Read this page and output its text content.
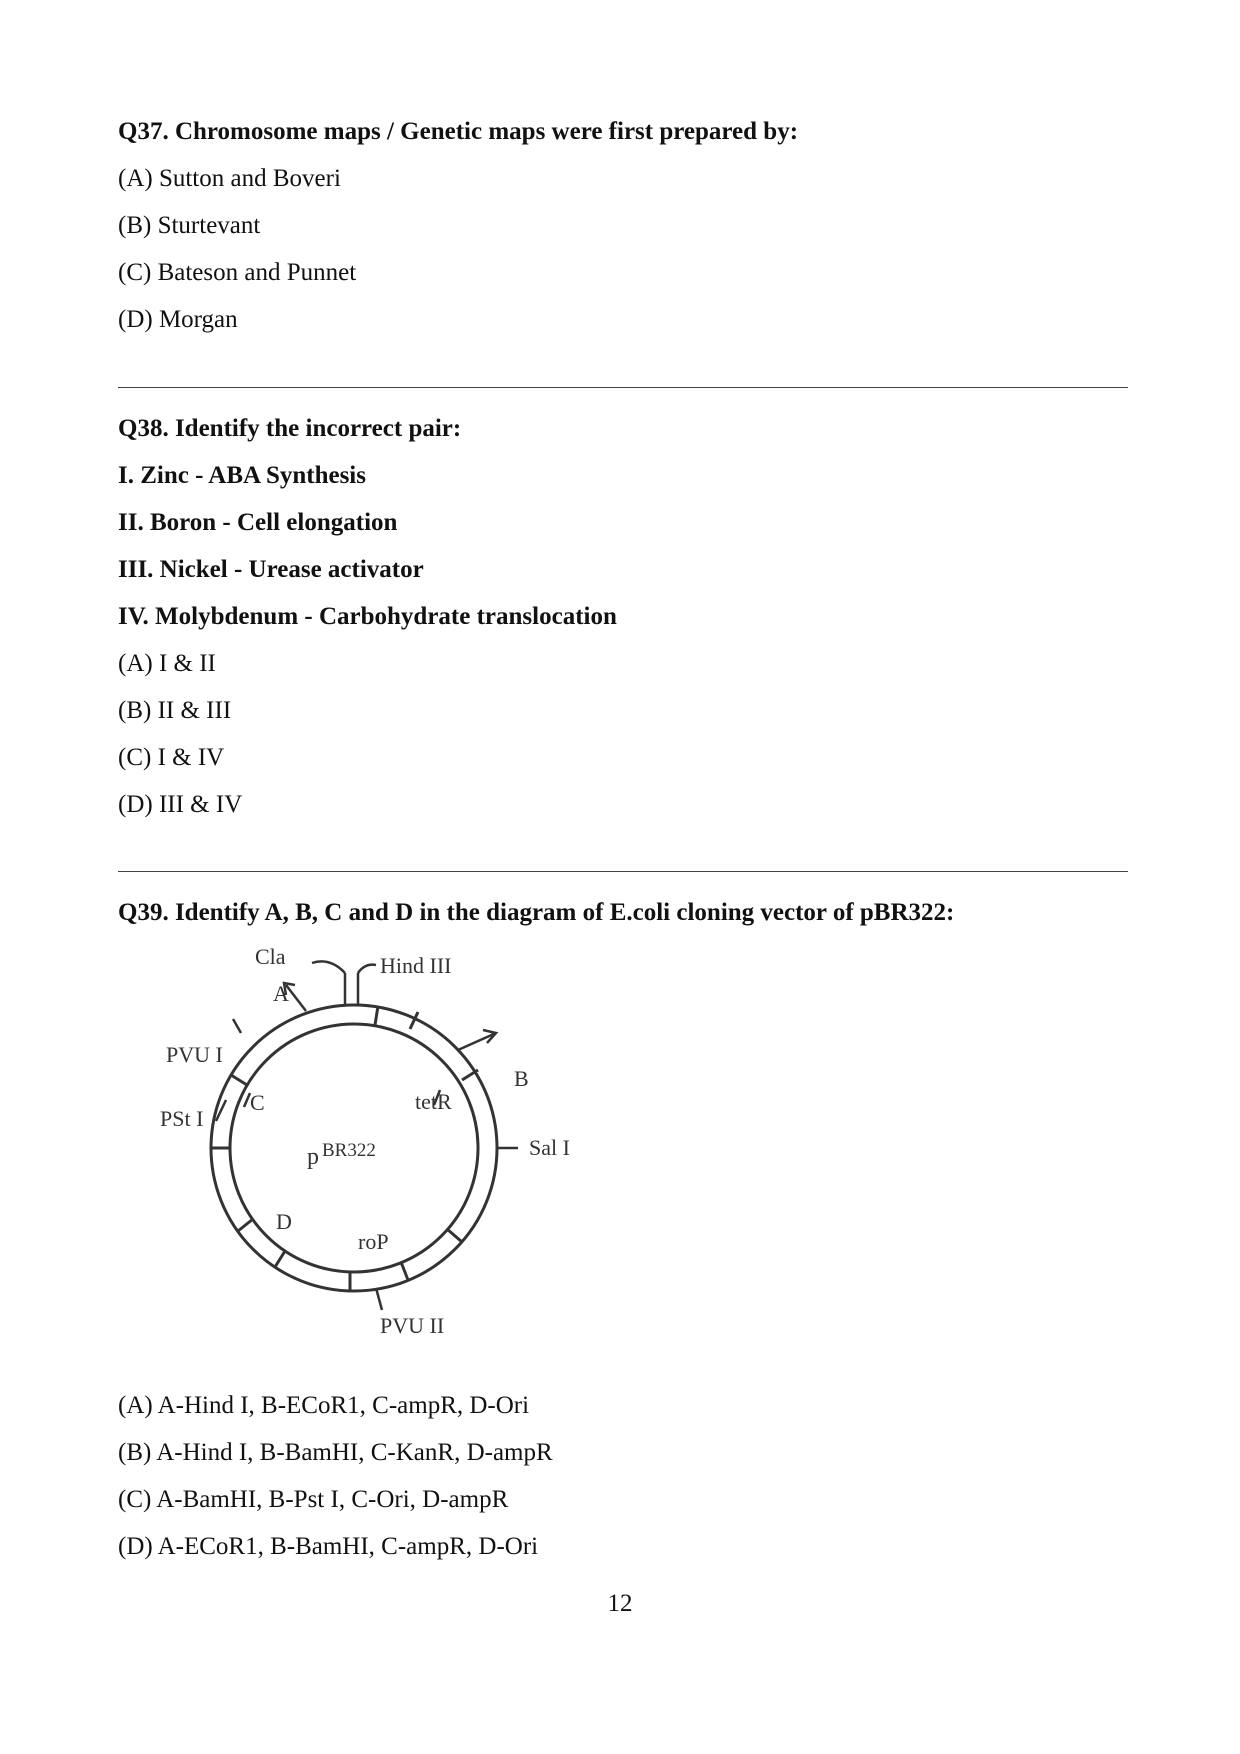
Q37. Chromosome maps / Genetic maps were first prepared by:
(A) Sutton and Boveri
(B) Sturtevant
(C) Bateson and Punnet
(D) Morgan
Q38. Identify the incorrect pair:
I. Zinc - ABA Synthesis
II. Boron - Cell elongation
III. Nickel - Urease activator
IV. Molybdenum - Carbohydrate translocation
(A) I & II
(B) II & III
(C) I & IV
(D) III & IV
Q39. Identify A, B, C and D in the diagram of E.coli cloning vector of pBR322:
Cla	Hind III
A
B
PVU I
PSt I
Sal I
PVU II
C	tetR
D
roP
p BR322
(A) A-Hind I, B-ECoR1, C-ampR, D-Ori
(B) A-Hind I, B-BamHI, C-KanR, D-ampR
(C) A-BamHI, B-Pst I, C-Ori, D-ampR
(D) A-ECoR1, B-BamHI, C-ampR, D-Ori
12
